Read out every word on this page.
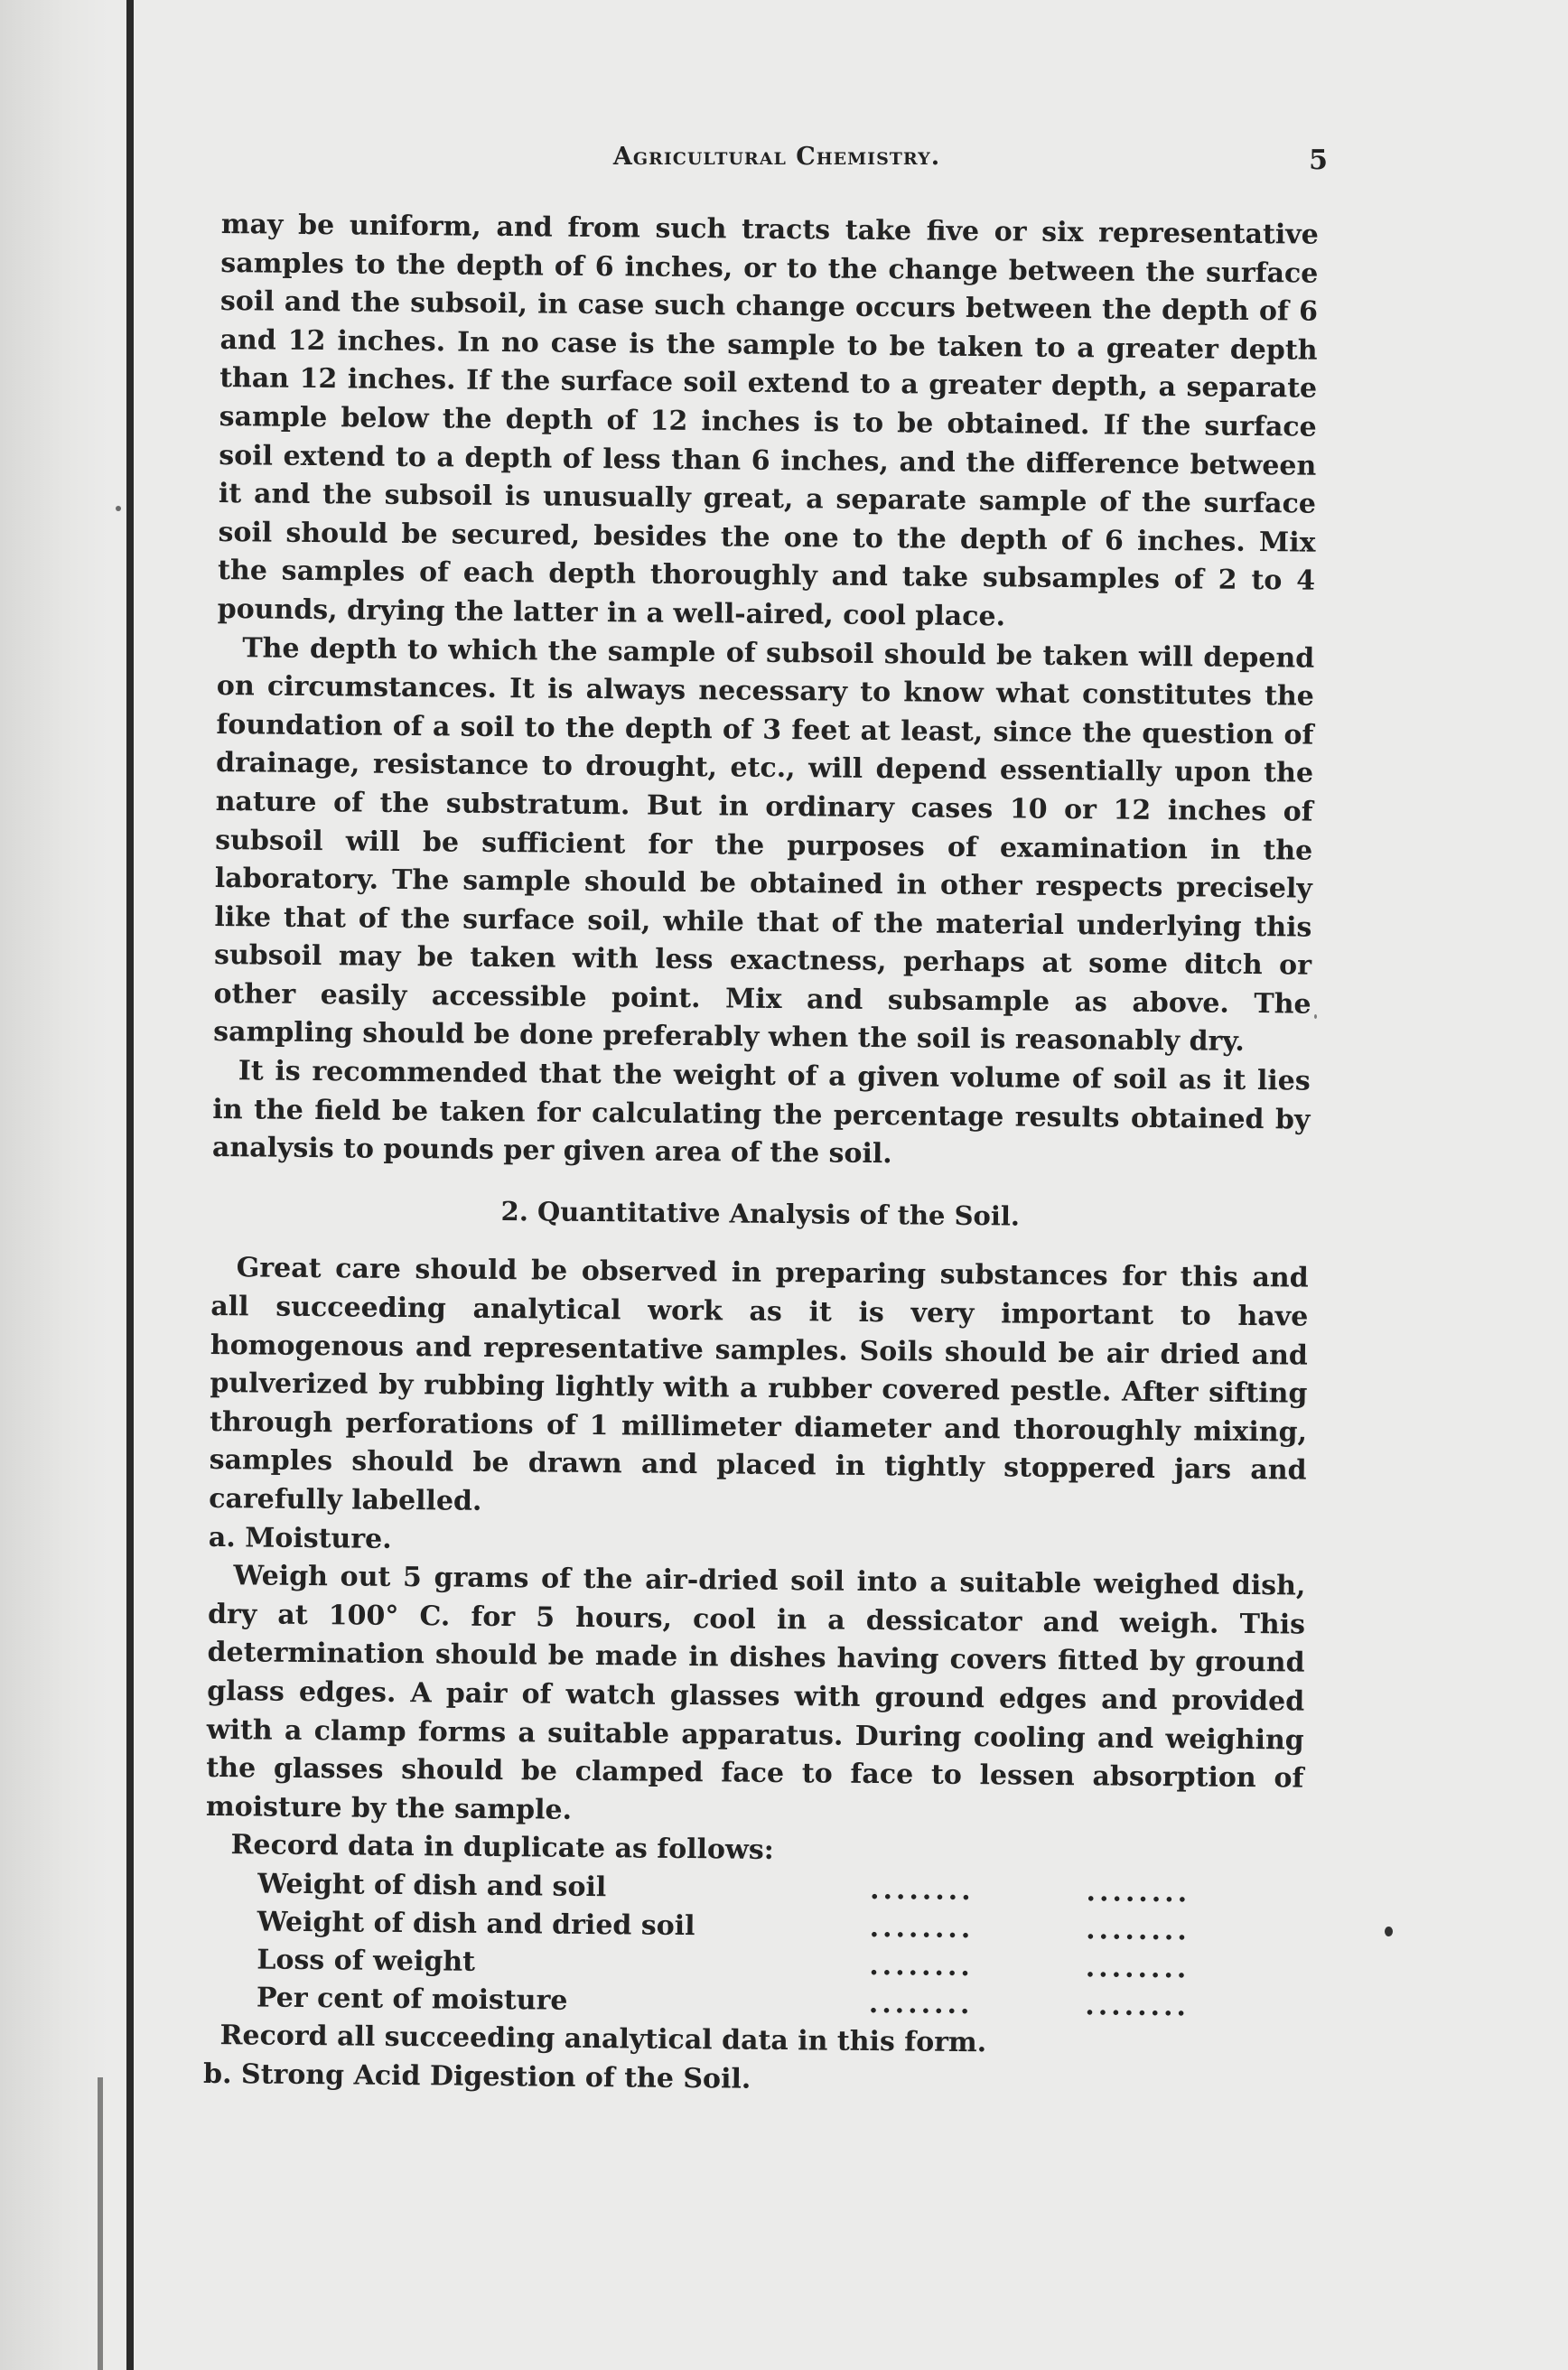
Agricultural Chemistry.	5

may be uniform, and from such tracts take five or six representative samples to the depth of 6 inches, or to the change between the surface soil and the subsoil, in case such change occurs between the depth of 6 and 12 inches. In no case is the sample to be taken to a greater depth than 12 inches. If the surface soil extend to a greater depth, a separate sample below the depth of 12 inches is to be obtained. If the surface soil extend to a depth of less than 6 inches, and the difference between it and the subsoil is unusually great, a separate sample of the surface soil should be secured, besides the one to the depth of 6 inches. Mix the samples of each depth thoroughly and take subsamples of 2 to 4 pounds, drying the latter in a well-aired, cool place.

The depth to which the sample of subsoil should be taken will depend on circumstances. It is always necessary to know what constitutes the foundation of a soil to the depth of 3 feet at least, since the question of drainage, resistance to drought, etc., will depend essentially upon the nature of the substratum. But in ordinary cases 10 or 12 inches of subsoil will be sufficient for the purposes of examination in the laboratory. The sample should be obtained in other respects precisely like that of the surface soil, while that of the material underlying this subsoil may be taken with less exactness, perhaps at some ditch or other easily accessible point. Mix and subsample as above. The sampling should be done preferably when the soil is reasonably dry.

It is recommended that the weight of a given volume of soil as it lies in the field be taken for calculating the percentage results obtained by analysis to pounds per given area of the soil.

2. Quantitative Analysis of the Soil.

Great care should be observed in preparing substances for this and all succeeding analytical work as it is very important to have homogenous and representative samples. Soils should be air dried and pulverized by rubbing lightly with a rubber covered pestle. After sifting through perforations of 1 millimeter diameter and thoroughly mixing, samples should be drawn and placed in tightly stoppered jars and carefully labelled.

a. Moisture.

Weigh out 5 grams of the air-dried soil into a suitable weighed dish, dry at 100° C. for 5 hours, cool in a dessicator and weigh. This determination should be made in dishes having covers fitted by ground glass edges. A pair of watch glasses with ground edges and provided with a clamp forms a suitable apparatus. During cooling and weighing the glasses should be clamped face to face to lessen absorption of moisture by the sample.

Record data in duplicate as follows:

Weight of dish and soil	........	........
Weight of dish and dried soil	........	........
Loss of weight	........	........
Per cent of moisture	........	........

Record all succeeding analytical data in this form.

b. Strong Acid Digestion of the Soil.
